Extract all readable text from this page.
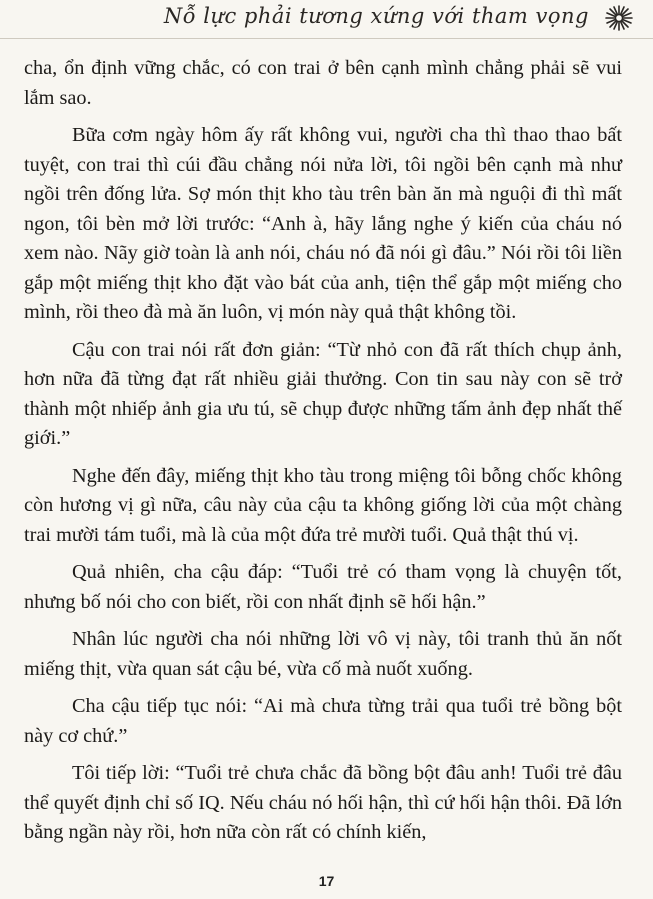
Nỗ lực phải tương xứng với tham vọng

cha, ổn định vững chắc, có con trai ở bên cạnh mình chẳng phải sẽ vui lắm sao.

Bữa cơm ngày hôm ấy rất không vui, người cha thì thao thao bất tuyệt, con trai thì cúi đầu chẳng nói nửa lời, tôi ngồi bên cạnh mà như ngồi trên đống lửa. Sợ món thịt kho tàu trên bàn ăn mà nguội đi thì mất ngon, tôi bèn mở lời trước: “Anh à, hãy lắng nghe ý kiến của cháu nó xem nào. Nãy giờ toàn là anh nói, cháu nó đã nói gì đâu.” Nói rồi tôi liền gắp một miếng thịt kho đặt vào bát của anh, tiện thể gắp một miếng cho mình, rồi theo đà mà ăn luôn, vị món này quả thật không tồi.

Cậu con trai nói rất đơn giản: “Từ nhỏ con đã rất thích chụp ảnh, hơn nữa đã từng đạt rất nhiều giải thưởng. Con tin sau này con sẽ trở thành một nhiếp ảnh gia ưu tú, sẽ chụp được những tấm ảnh đẹp nhất thế giới.”

Nghe đến đây, miếng thịt kho tàu trong miệng tôi bỗng chốc không còn hương vị gì nữa, câu này của cậu ta không giống lời của một chàng trai mười tám tuổi, mà là của một đứa trẻ mười tuổi. Quả thật thú vị.

Quả nhiên, cha cậu đáp: “Tuổi trẻ có tham vọng là chuyện tốt, nhưng bố nói cho con biết, rồi con nhất định sẽ hối hận.”

Nhân lúc người cha nói những lời vô vị này, tôi tranh thủ ăn nốt miếng thịt, vừa quan sát cậu bé, vừa cố mà nuốt xuống.

Cha cậu tiếp tục nói: “Ai mà chưa từng trải qua tuổi trẻ bồng bột này cơ chứ.”

Tôi tiếp lời: “Tuổi trẻ chưa chắc đã bồng bột đâu anh! Tuổi trẻ đâu thể quyết định chỉ số IQ. Nếu cháu nó hối hận, thì cứ hối hận thôi. Đã lớn bằng ngần này rồi, hơn nữa còn rất có chính kiến,

17
